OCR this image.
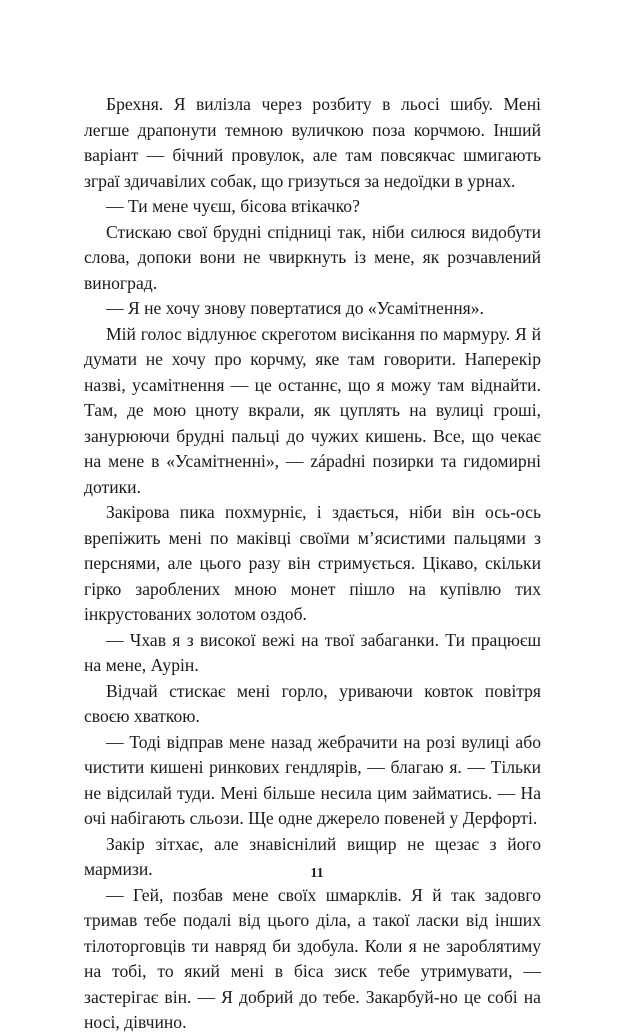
Брехня. Я вилізла через розбиту в льосі шибу. Мені легше драпонути темною вуличкою поза корчмою. Інший варіант — бічний провулок, але там повсякчас шмигають зграї здичавілих собак, що гризуться за недоїдки в урнах.

— Ти мене чуєш, бісова втікачко?

Стискаю свої брудні спідниці так, ніби силюся видобути слова, допоки вони не чвиркнуть із мене, як розчавлений виноград.

— Я не хочу знову повертатися до «Усамітнення».

Мій голос відлунює скреготом висікання по мармуру. Я й думати не хочу про корчму, яке там говорити. Наперекір назві, усамітнення — це останнє, що я можу там віднайти. Там, де мою цноту вкрали, як цуплять на вулиці гроші, занурюючи брудні пальці до чужих кишень. Все, що чекає на мене в «Усамітненні», — západні позирки та гидомирні дотики.

Закірова пика похмурніє, і здається, ніби він ось-ось врепіжить мені по маківці своїми м’ясистими пальцями з перснями, але цього разу він стримується. Цікаво, скільки гірко зароблених мною монет пішло на купівлю тих інкрустованих золотом оздоб.

— Чхав я з високої вежі на твої забаганки. Ти працюєш на мене, Аурін.

Відчай стискає мені горло, уриваючи ковток повітря своєю хваткою.

— Тоді відправ мене назад жебрачити на розі вулиці або чистити кишені ринкових гендлярів, — благаю я. — Тільки не відсилай туди. Мені більше несила цим займатись. — На очі набігають сльози. Ще одне джерело повеней у Дерфорті.

Закір зітхає, але знавіснілий вищир не щезає з його мармизи.

— Гей, позбав мене своїх шмарклів. Я й так задовго тримав тебе подалі від цього діла, а такої ласки від інших тілоторговців ти навряд би здобула. Коли я не зароблятиму на тобі, то який мені в біса зиск тебе утримувати, — застерігає він. — Я добрий до тебе. Закарбуй-но це собі на носі, дівчино.

11
